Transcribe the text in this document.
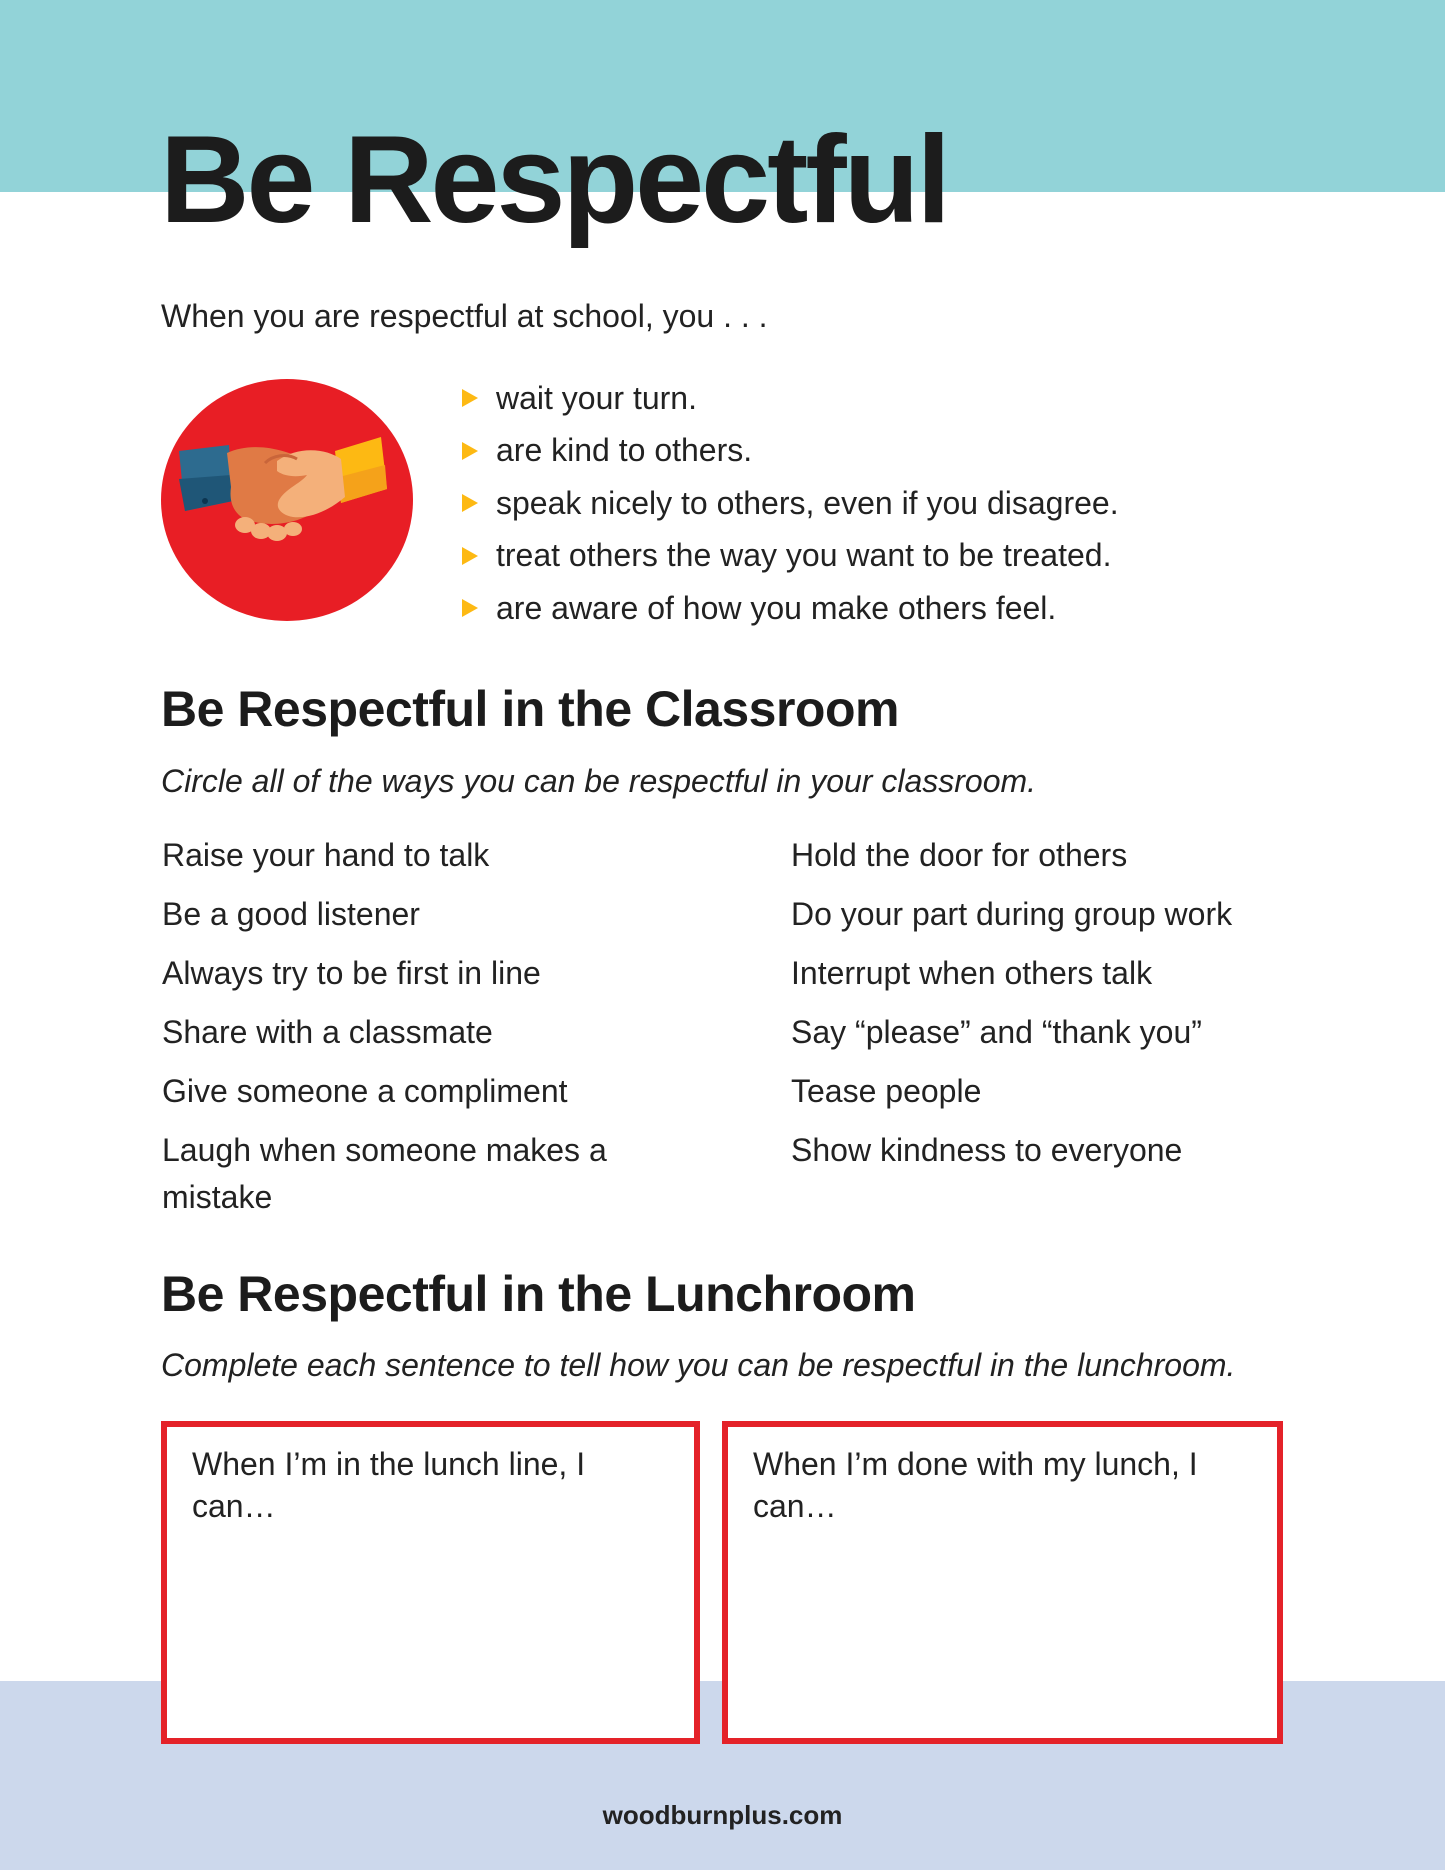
Be Respectful
When you are respectful at school, you . . .
wait your turn.
are kind to others.
speak nicely to others, even if you disagree.
treat others the way you want to be treated.
are aware of how you make others feel.
Be Respectful in the Classroom
Circle all of the ways you can be respectful in your classroom.
Raise your hand to talk
Be a good listener
Always try to be first in line
Share with a classmate
Give someone a compliment
Laugh when someone makes a mistake
Hold the door for others
Do your part during group work
Interrupt when others talk
Say “please” and “thank you”
Tease people
Show kindness to everyone
Be Respectful in the Lunchroom
Complete each sentence to tell how you can be respectful in the lunchroom.
When I’m in the lunch line, I can…
When I’m done with my lunch, I can…
woodburnplus.com
